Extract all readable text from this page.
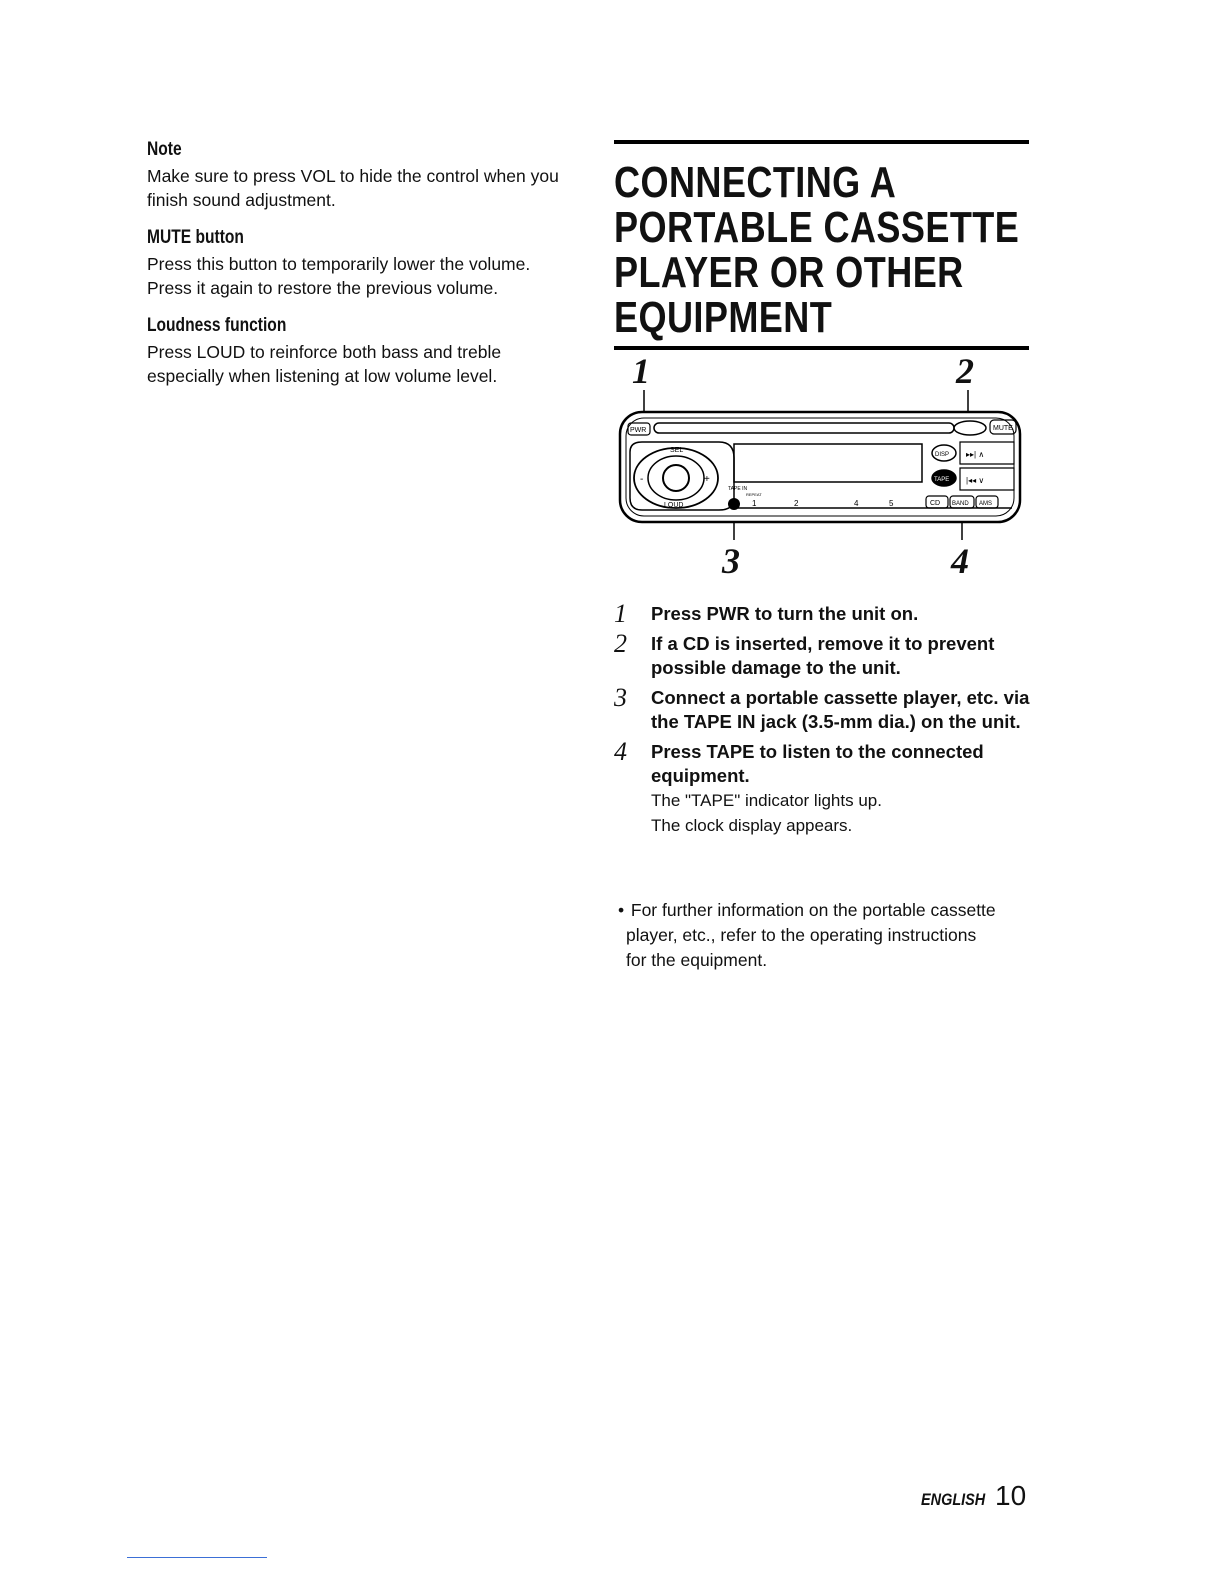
Note

Make sure to press VOL to hide the control when you finish sound adjustment.

MUTE button

Press this button to temporarily lower the volume. Press it again to restore the previous volume.

Loudness function

Press LOUD to reinforce both bass and treble especially when listening at low volume level.

CONNECTING A
PORTABLE CASSETTE
PLAYER OR OTHER
EQUIPMENT
1	2
3	4
PWR	MUTE
SEL
-	+
LOUD
DISP
TAPE
▸▸| ∧
|◂◂ ∨
TAPE IN
REPEAT
1	2	4	5	CD BAND AMS
1	Press PWR to turn the unit on.
2	If a CD is inserted, remove it to prevent possible damage to the unit.
3	Connect a portable cassette player, etc. via the TAPE IN jack (3.5-mm dia.) on the unit.
4	Press TAPE to listen to the connected equipment.
The "TAPE" indicator lights up.
The clock display appears.
• For further information on the portable cassette
player, etc., refer to the operating instructions
for the equipment.
ENGLISH 10
